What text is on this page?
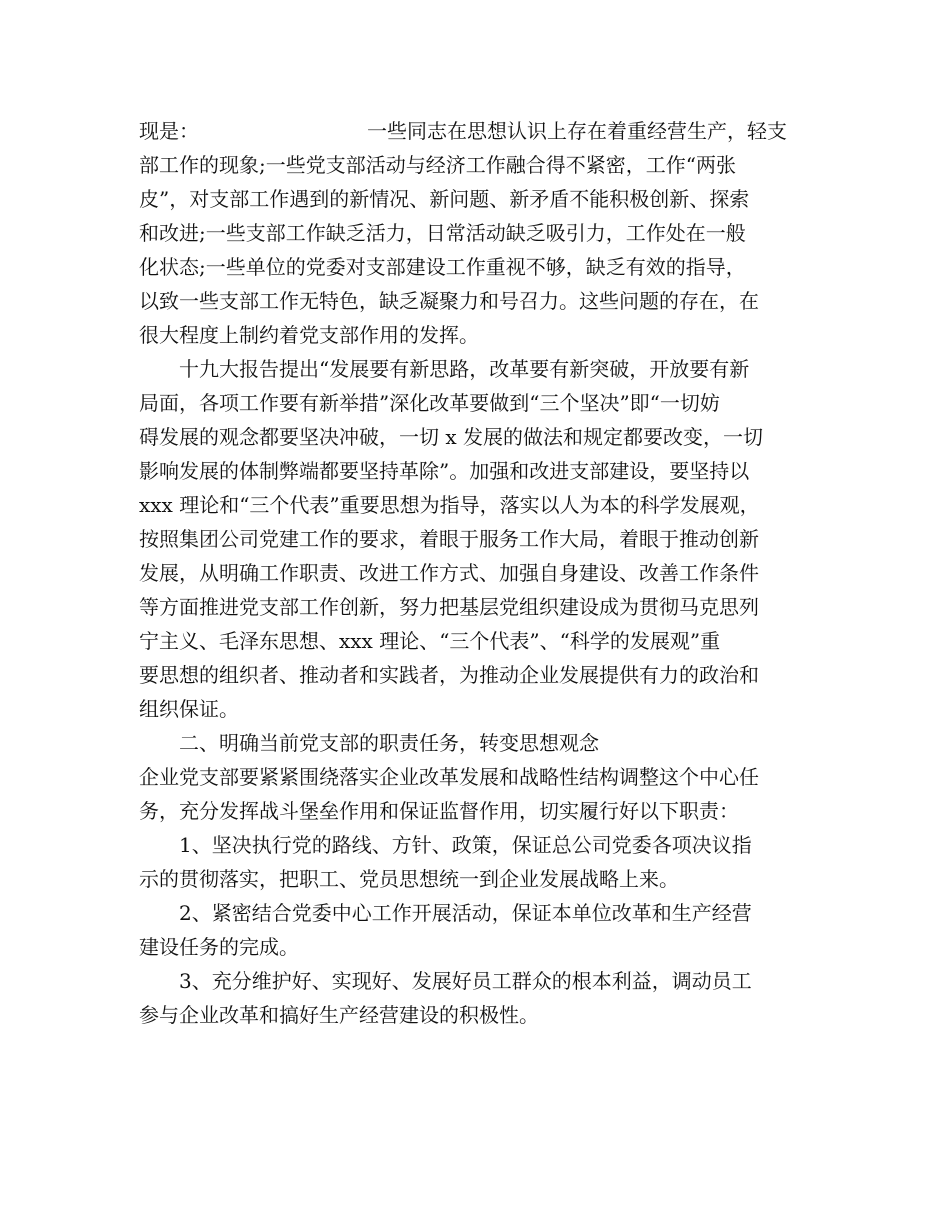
现是：	一些同志在思想认识上存在着重经营生产，轻支
部工作的现象;一些党支部活动与经济工作融合得不紧密，工作“两张
皮”，对支部工作遇到的新情况、新问题、新矛盾不能积极创新、探索
和改进;一些支部工作缺乏活力，日常活动缺乏吸引力，工作处在一般
化状态;一些单位的党委对支部建设工作重视不够，缺乏有效的指导，
以致一些支部工作无特色，缺乏凝聚力和号召力。这些问题的存在，在
很大程度上制约着党支部作用的发挥。
十九大报告提出“发展要有新思路，改革要有新突破，开放要有新
局面，各项工作要有新举措”深化改革要做到“三个坚决”即“一切妨
碍发展的观念都要坚决冲破，一切 x 发展的做法和规定都要改变，一切
影响发展的体制弊端都要坚持革除”。加强和改进支部建设，要坚持以
xxx 理论和“三个代表”重要思想为指导，落实以人为本的科学发展观，
按照集团公司党建工作的要求，着眼于服务工作大局，着眼于推动创新
发展，从明确工作职责、改进工作方式、加强自身建设、改善工作条件
等方面推进党支部工作创新，努力把基层党组织建设成为贯彻马克思列
宁主义、毛泽东思想、xxx 理论、“三个代表”、“科学的发展观”重
要思想的组织者、推动者和实践者，为推动企业发展提供有力的政治和
组织保证。
二、明确当前党支部的职责任务，转变思想观念
企业党支部要紧紧围绕落实企业改革发展和战略性结构调整这个中心任
务，充分发挥战斗堡垒作用和保证监督作用，切实履行好以下职责：
1、坚决执行党的路线、方针、政策，保证总公司党委各项决议指
示的贯彻落实，把职工、党员思想统一到企业发展战略上来。
2、紧密结合党委中心工作开展活动，保证本单位改革和生产经营
建设任务的完成。
3、充分维护好、实现好、发展好员工群众的根本利益，调动员工
参与企业改革和搞好生产经营建设的积极性。
